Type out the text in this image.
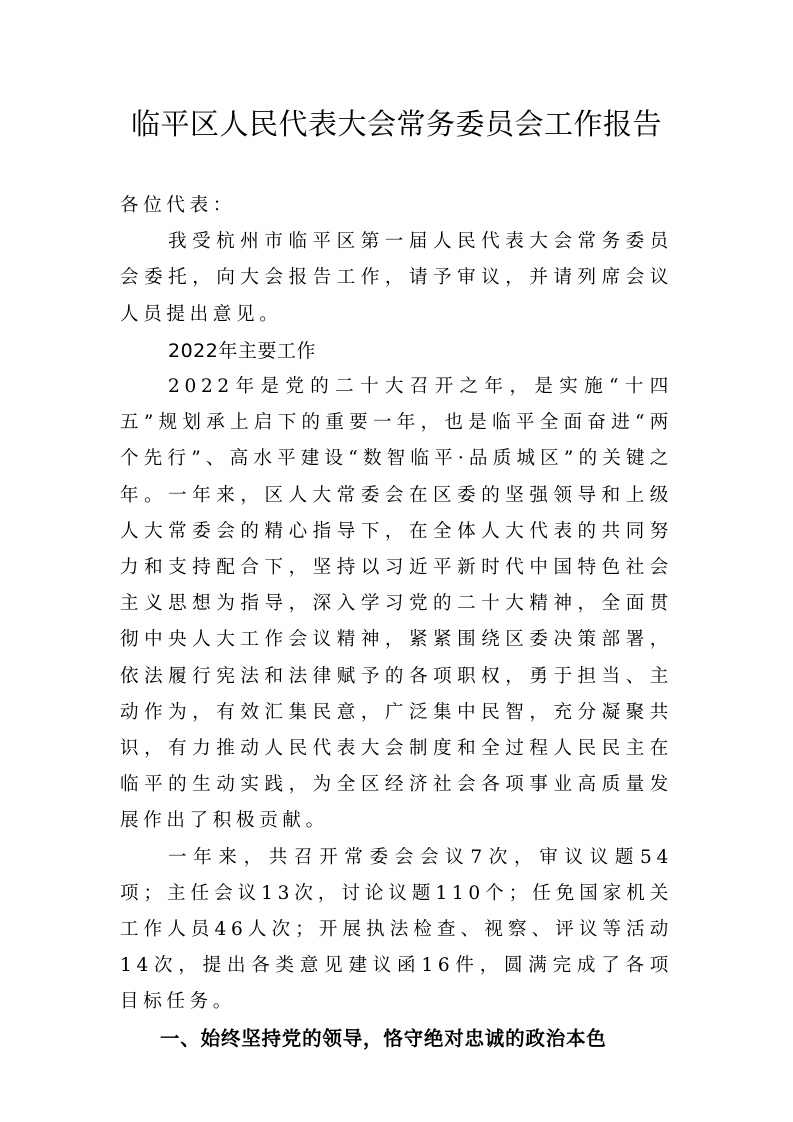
临平区人民代表大会常务委员会工作报告

各位代表：

我受杭州市临平区第一届人民代表大会常务委员会委托，向大会报告工作，请予审议，并请列席会议人员提出意见。

2022年主要工作

2022年是党的二十大召开之年，是实施“十四五”规划承上启下的重要一年，也是临平全面奋进“两个先行”、高水平建设“数智临平·品质城区”的关键之年。一年来，区人大常委会在区委的坚强领导和上级人大常委会的精心指导下，在全体人大代表的共同努力和支持配合下，坚持以习近平新时代中国特色社会主义思想为指导，深入学习党的二十大精神，全面贯彻中央人大工作会议精神，紧紧围绕区委决策部署，依法履行宪法和法律赋予的各项职权，勇于担当、主动作为，有效汇集民意，广泛集中民智，充分凝聚共识，有力推动人民代表大会制度和全过程人民民主在临平的生动实践，为全区经济社会各项事业高质量发展作出了积极贡献。

一年来，共召开常委会会议7次，审议议题54项；主任会议13次，讨论议题110个；任免国家机关工作人员46人次；开展执法检查、视察、评议等活动14次，提出各类意见建议函16件，圆满完成了各项目标任务。

一、始终坚持党的领导，恪守绝对忠诚的政治本色
